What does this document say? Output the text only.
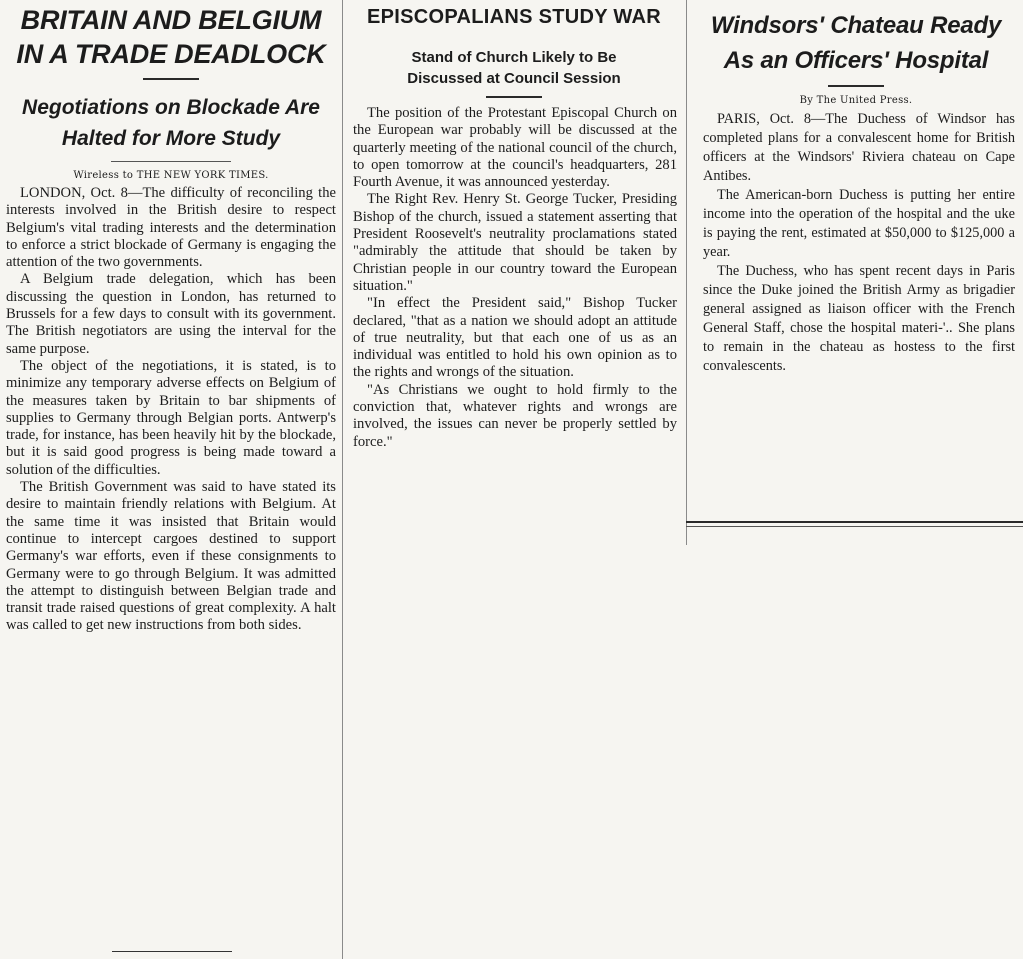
BRITAIN AND BELGIUM
IN A TRADE DEADLOCK
Negotiations on Blockade Are
Halted for More Study
Wireless to THE NEW YORK TIMES.

LONDON, Oct. 8—The difficulty of reconciling the interests involved in the British desire to respect Belgium's vital trading interests and the determination to enforce a strict blockade of Germany is engaging the attention of the two governments.

A Belgium trade delegation, which has been discussing the question in London, has returned to Brussels for a few days to consult with its government. The British negotiators are using the interval for the same purpose.

The object of the negotiations, it is stated, is to minimize any temporary adverse effects on Belgium of the measures taken by Britain to bar shipments of supplies to Germany through Belgian ports. Antwerp's trade, for instance, has been heavily hit by the blockade, but it is said good progress is being made toward a solution of the difficulties.

The British Government was said to have stated its desire to maintain friendly relations with Belgium. At the same time it was insisted that Britain would continue to intercept cargoes destined to support Germany's war efforts, even if these consignments to Germany were to go through Belgium. It was admitted the attempt to distinguish between Belgian trade and transit trade raised questions of great complexity. A halt was called to get new instructions from both sides.

EPISCOPALIANS STUDY WAR
Stand of Church Likely to Be
Discussed at Council Session

The position of the Protestant Episcopal Church on the European war probably will be discussed at the quarterly meeting of the national council of the church, to open tomorrow at the council's headquarters, 281 Fourth Avenue, it was announced yesterday.

The Right Rev. Henry St. George Tucker, Presiding Bishop of the church, issued a statement asserting that President Roosevelt's neutrality proclamations stated "admirably the attitude that should be taken by Christian people in our country toward the European situation."

"In effect the President said," Bishop Tucker declared, "that as a nation we should adopt an attitude of true neutrality, but that each one of us as an individual was entitled to hold his own opinion as to the rights and wrongs of the situation.

"As Christians we ought to hold firmly to the conviction that, whatever rights and wrongs are involved, the issues can never be properly settled by force."

Windsors' Chateau Ready
As an Officers' Hospital
By The United Press.

PARIS, Oct. 8—The Duchess of Windsor has completed plans for a convalescent home for British officers at the Windsors' Riviera chateau on Cape Antibes.

The American-born Duchess is putting her entire income into the operation of the hospital and the uke is paying the rent, estimated at $50,000 to $125,000 a year.

The Duchess, who has spent recent days in Paris since the Duke joined the British Army as brigadier general assigned as liaison officer with the French General Staff, chose the hospital materi-'.. She plans to remain in the chateau as hostess to the first convalescents.
